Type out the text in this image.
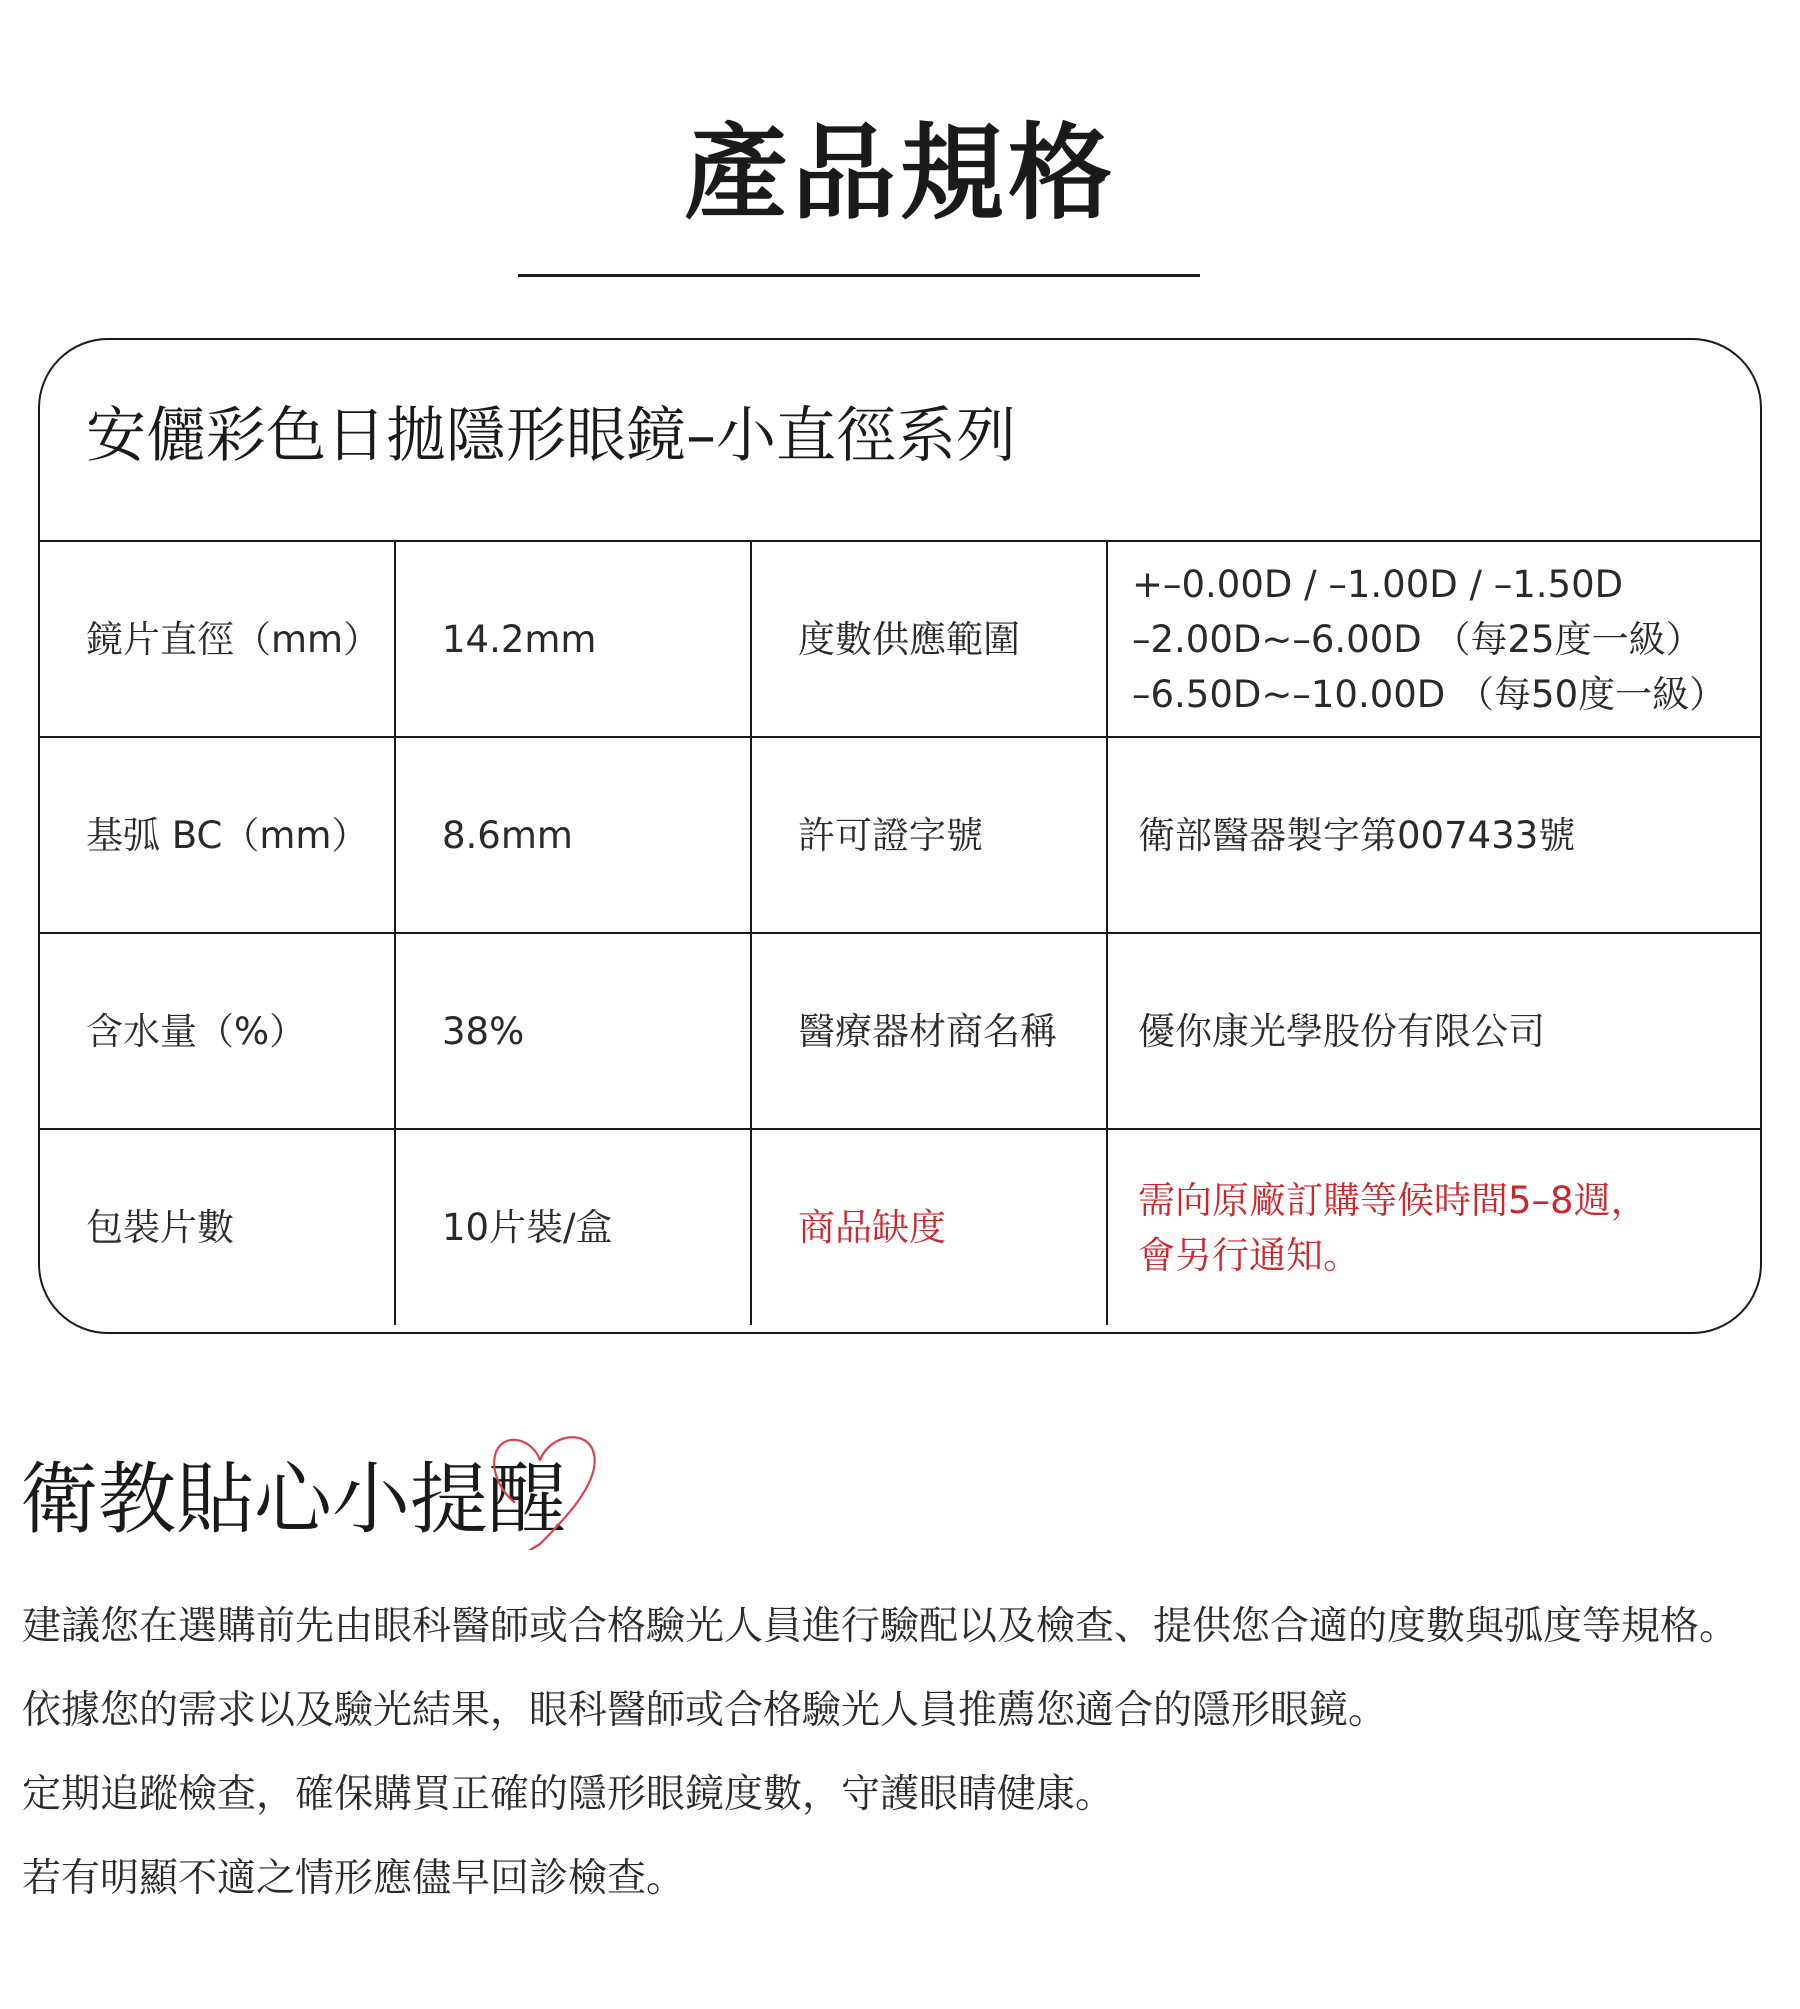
產品規格
安儷彩色日拋隱形眼鏡–小直徑系列
鏡片直徑（mm）	14.2mm	度數供應範圍	+–0.00D / –1.00D / –1.50D
–2.00D~–6.00D （每25度一級）
–6.50D~–10.00D （每50度一級）

基弧 BC（mm）	8.6mm	許可證字號	衛部醫器製字第007433號
含水量（%）	38%	醫療器材商名稱	優你康光學股份有限公司
包裝片數	10片裝/盒	商品缺度	需向原廠訂購等候時間5–8週，
會另行通知。
衛教貼心小提醒
建議您在選購前先由眼科醫師或合格驗光人員進行驗配以及檢查、提供您合適的度數與弧度等規格。
依據您的需求以及驗光結果，眼科醫師或合格驗光人員推薦您適合的隱形眼鏡。
定期追蹤檢查，確保購買正確的隱形眼鏡度數，守護眼睛健康。
若有明顯不適之情形應儘早回診檢查。
